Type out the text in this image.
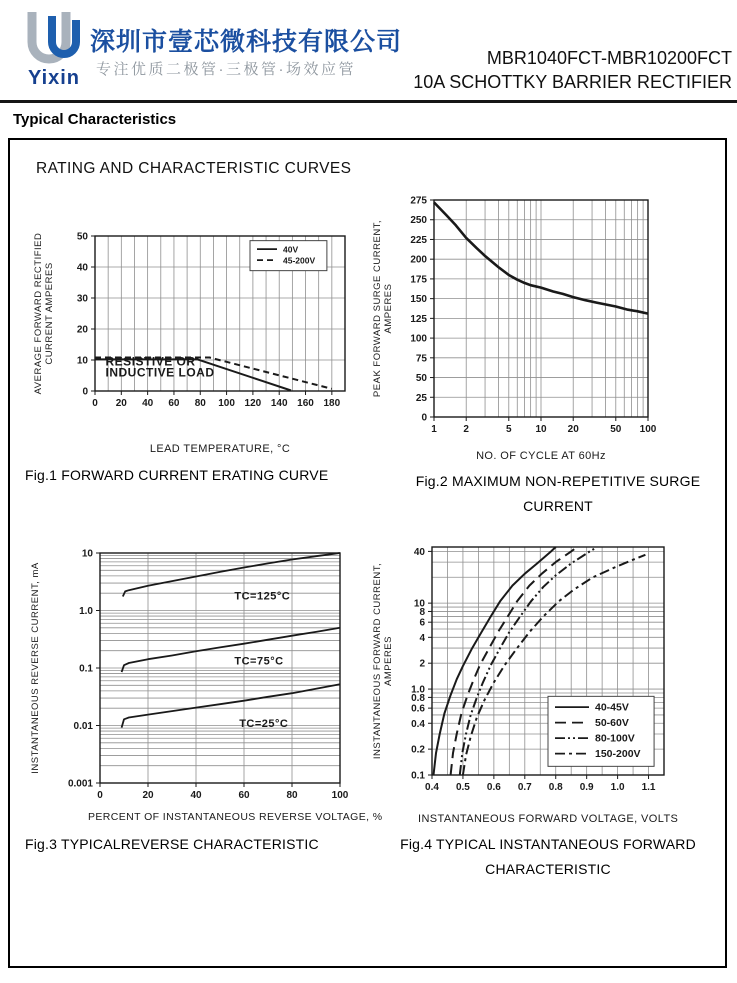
Yixin
深圳市壹芯微科技有限公司
专注优质二极管·三极管·场效应管
MBR1040FCT-MBR10200FCT
10A SCHOTTKY BARRIER RECTIFIER
Typical Characteristics
RATING AND CHARACTERISTIC CURVES
0 20 40 60 80 100 120 140 160 180
0
10
20
30
40
50
RESISTIVE OR
INDUCTIVE LOAD
40V
45-200V
AVERAGE FORWARD RECTIFIED CURRENT AMPERES
LEAD TEMPERATURE, °C
Fig.1 FORWARD CURRENT ERATING CURVE
1	2	5 10 20	50 100
0
25
50
75
100
125
150
175
200
225
250
275
PEAK FORWARD SURGE CURRENT, AMPERES
NO. OF CYCLE AT 60Hz
Fig.2 MAXIMUM NON-REPETITIVE SURGE CURRENT
0	20	40	60	80	100
10
1.0
0.1
0.01
0.001
TC=125°C
TC=75°C
TC=25°C
INSTANTANEOUS REVERSE CURRENT, mA
PERCENT OF INSTANTANEOUS REVERSE VOLTAGE, %
Fig.3 TYPICALREVERSE CHARACTERISTIC
0.4 0.5 0.6 0.7 0.8 0.9 1.0 1.1
40
10
8
6
4
2
1.0
0.8
0.6
0.4
0.2
0.1
40-45V
50-60V
80-100V
150-200V
INSTANTANEOUS FORWARD CURRENT, AMPERES
INSTANTANEOUS FORWARD VOLTAGE, VOLTS
Fig.4 TYPICAL INSTANTANEOUS FORWARD CHARACTERISTIC
